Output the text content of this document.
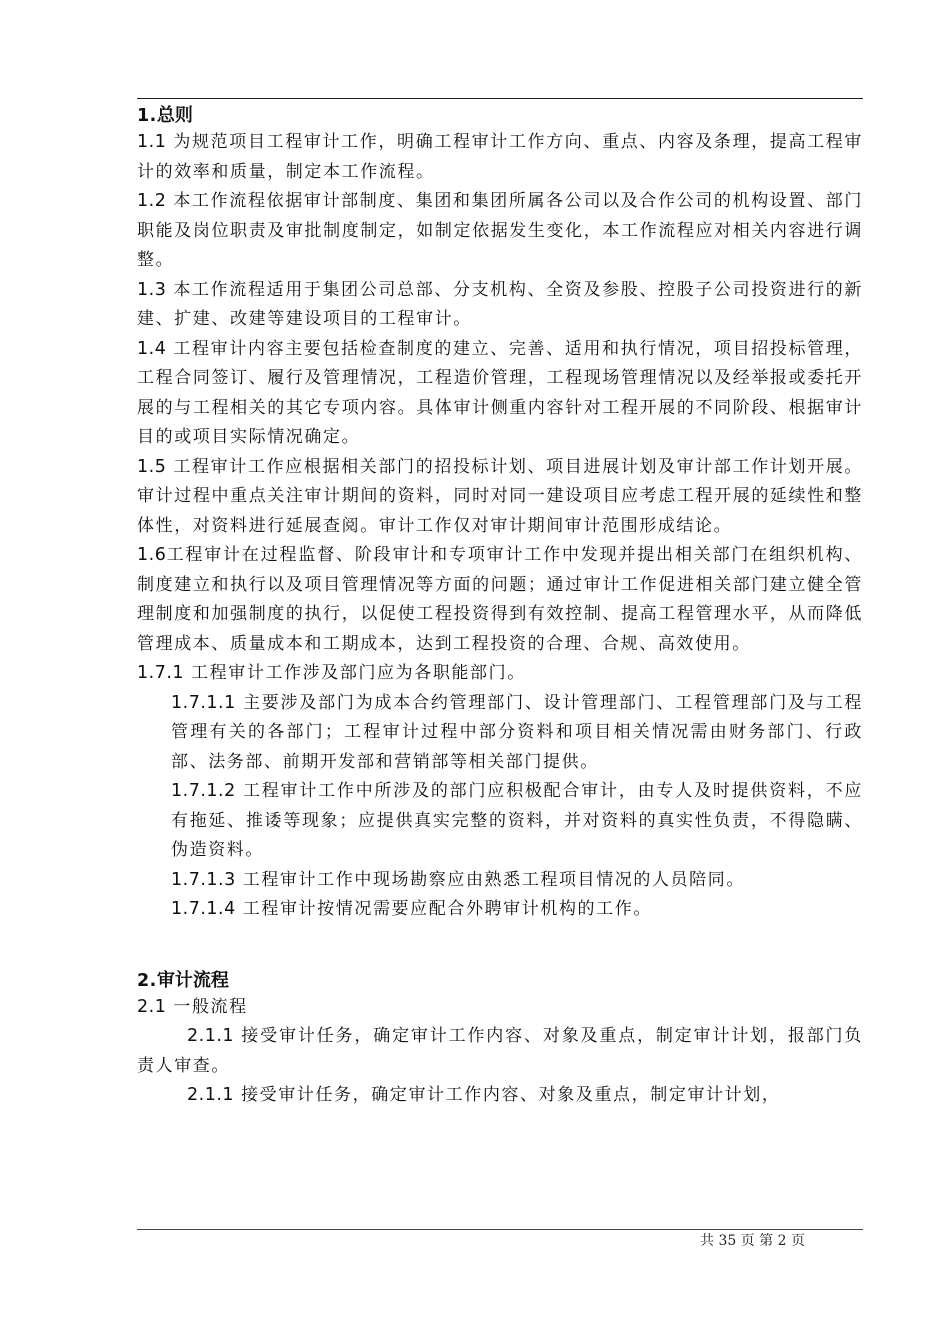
1.总则

1.1 为规范项目工程审计工作，明确工程审计工作方向、重点、内容及条理，提高工程审计的效率和质量，制定本工作流程。

1.2 本工作流程依据审计部制度、集团和集团所属各公司以及合作公司的机构设置、部门职能及岗位职责及审批制度制定，如制定依据发生变化，本工作流程应对相关内容进行调整。

1.3 本工作流程适用于集团公司总部、分支机构、全资及参股、控股子公司投资进行的新建、扩建、改建等建设项目的工程审计。

1.4 工程审计内容主要包括检查制度的建立、完善、适用和执行情况，项目招投标管理，工程合同签订、履行及管理情况，工程造价管理，工程现场管理情况以及经举报或委托开展的与工程相关的其它专项内容。具体审计侧重内容针对工程开展的不同阶段、根据审计目的或项目实际情况确定。

1.5 工程审计工作应根据相关部门的招投标计划、项目进展计划及审计部工作计划开展。审计过程中重点关注审计期间的资料，同时对同一建设项目应考虑工程开展的延续性和整体性，对资料进行延展查阅。审计工作仅对审计期间审计范围形成结论。

1.6工程审计在过程监督、阶段审计和专项审计工作中发现并提出相关部门在组织机构、制度建立和执行以及项目管理情况等方面的问题；通过审计工作促进相关部门建立健全管理制度和加强制度的执行，以促使工程投资得到有效控制、提高工程管理水平，从而降低管理成本、质量成本和工期成本，达到工程投资的合理、合规、高效使用。

1.7.1 工程审计工作涉及部门应为各职能部门。

1.7.1.1 主要涉及部门为成本合约管理部门、设计管理部门、工程管理部门及与工程管理有关的各部门；工程审计过程中部分资料和项目相关情况需由财务部门、行政部、法务部、前期开发部和营销部等相关部门提供。

1.7.1.2 工程审计工作中所涉及的部门应积极配合审计，由专人及时提供资料，不应有拖延、推诿等现象；应提供真实完整的资料，并对资料的真实性负责，不得隐瞒、伪造资料。

1.7.1.3 工程审计工作中现场勘察应由熟悉工程项目情况的人员陪同。

1.7.1.4 工程审计按情况需要应配合外聘审计机构的工作。

2.审计流程

2.1 一般流程

2.1.1 接受审计任务，确定审计工作内容、对象及重点，制定审计计划，报部门负责人审查。

2.1.1 接受审计任务，确定审计工作内容、对象及重点，制定审计计划，

共 35 页 第 2 页
